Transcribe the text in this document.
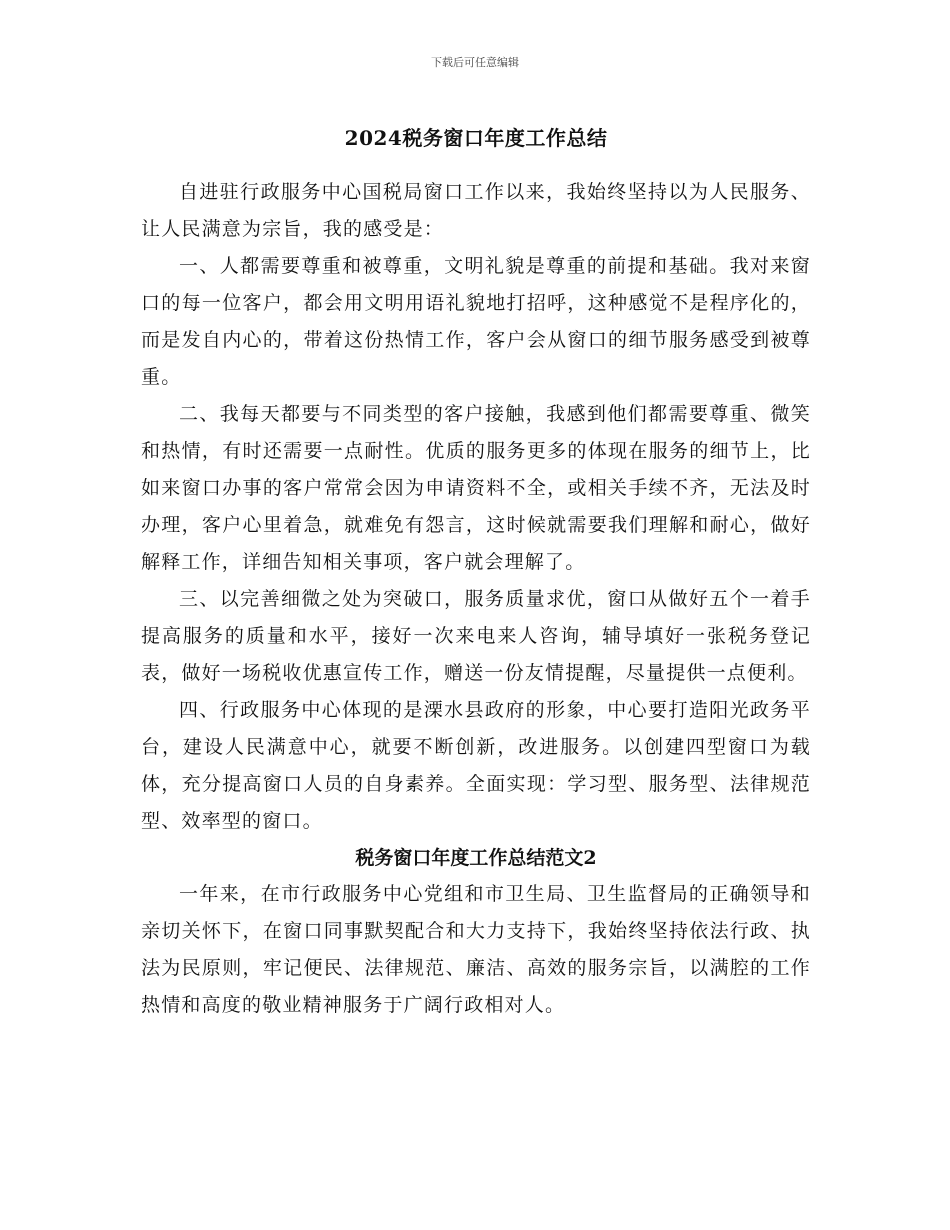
下载后可任意编辑
2024税务窗口年度工作总结

自进驻行政服务中心国税局窗口工作以来，我始终坚持以为人民服务、让人民满意为宗旨，我的感受是：

一、人都需要尊重和被尊重，文明礼貌是尊重的前提和基础。我对来窗口的每一位客户，都会用文明用语礼貌地打招呼，这种感觉不是程序化的，而是发自内心的，带着这份热情工作，客户会从窗口的细节服务感受到被尊重。

二、我每天都要与不同类型的客户接触，我感到他们都需要尊重、微笑和热情，有时还需要一点耐性。优质的服务更多的体现在服务的细节上，比如来窗口办事的客户常常会因为申请资料不全，或相关手续不齐，无法及时办理，客户心里着急，就难免有怨言，这时候就需要我们理解和耐心，做好解释工作，详细告知相关事项，客户就会理解了。

三、以完善细微之处为突破口，服务质量求优，窗口从做好五个一着手提高服务的质量和水平，接好一次来电来人咨询，辅导填好一张税务登记表，做好一场税收优惠宣传工作，赠送一份友情提醒，尽量提供一点便利。

四、行政服务中心体现的是溧水县政府的形象，中心要打造阳光政务平台，建设人民满意中心，就要不断创新，改进服务。以创建四型窗口为载体，充分提高窗口人员的自身素养。全面实现：学习型、服务型、法律规范型、效率型的窗口。

税务窗口年度工作总结范文2

一年来，在市行政服务中心党组和市卫生局、卫生监督局的正确领导和亲切关怀下，在窗口同事默契配合和大力支持下，我始终坚持依法行政、执法为民原则，牢记便民、法律规范、廉洁、高效的服务宗旨，以满腔的工作热情和高度的敬业精神服务于广阔行政相对人。
